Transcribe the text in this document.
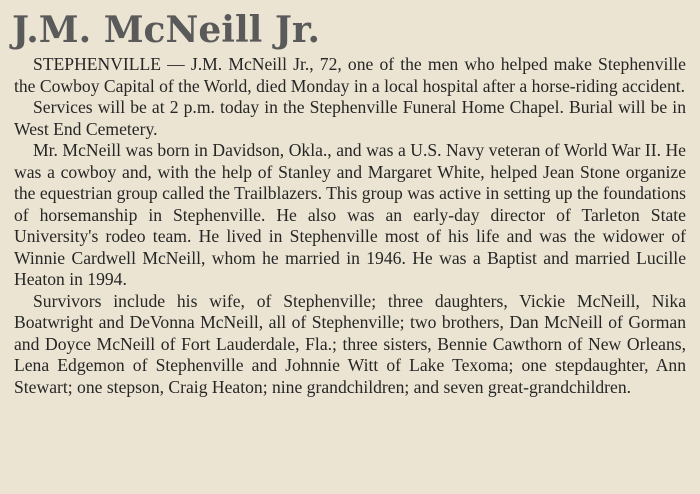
J.M. McNeill Jr.

STEPHENVILLE — J.M. McNeill Jr., 72, one of the men who helped make Stephenville the Cowboy Capital of the World, died Monday in a local hospital after a horse-riding accident.

Services will be at 2 p.m. today in the Stephenville Funeral Home Chapel. Burial will be in West End Cemetery.

Mr. McNeill was born in Davidson, Okla., and was a U.S. Navy veteran of World War II. He was a cowboy and, with the help of Stanley and Margaret White, helped Jean Stone organize the equestrian group called the Trailblazers. This group was active in setting up the foundations of horsemanship in Stephenville. He also was an early-day director of Tarleton State University's rodeo team. He lived in Stephenville most of his life and was the widower of Winnie Cardwell McNeill, whom he married in 1946. He was a Baptist and married Lucille Heaton in 1994.

Survivors include his wife, of Stephenville; three daughters, Vickie McNeill, Nika Boatwright and DeVonna McNeill, all of Stephenville; two brothers, Dan McNeill of Gorman and Doyce McNeill of Fort Lauderdale, Fla.; three sisters, Bennie Cawthorn of New Orleans, Lena Edgemon of Stephenville and Johnnie Witt of Lake Texoma; one stepdaughter, Ann Stewart; one stepson, Craig Heaton; nine grandchildren; and seven great-grandchildren.
